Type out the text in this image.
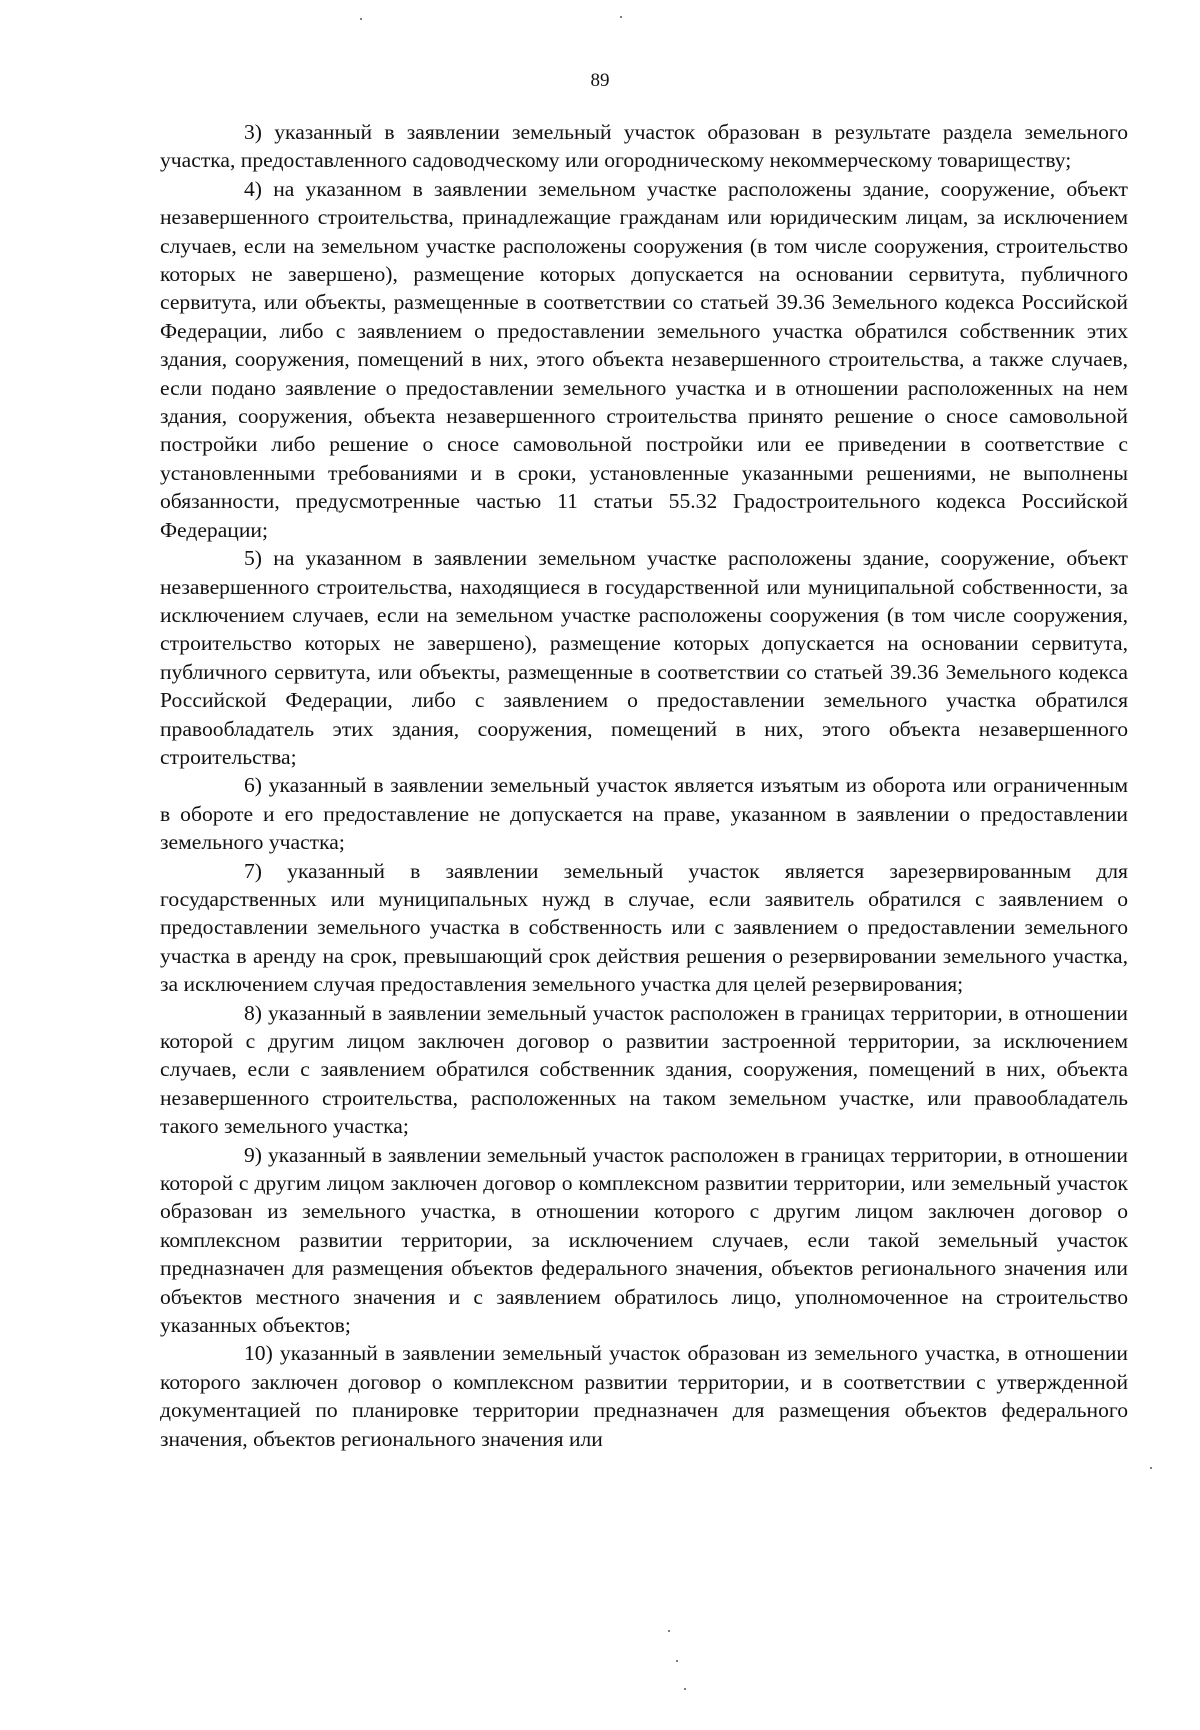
89

3) указанный в заявлении земельный участок образован в результате раздела земельного участка, предоставленного садоводческому или огородническому некоммерческому товариществу;

4) на указанном в заявлении земельном участке расположены здание, сооружение, объект незавершенного строительства, принадлежащие гражданам или юридическим лицам, за исключением случаев, если на земельном участке расположены сооружения (в том числе сооружения, строительство которых не завершено), размещение которых допускается на основании сервитута, публичного сервитута, или объекты, размещенные в соответствии со статьей 39.36 Земельного кодекса Российской Федерации, либо с заявлением о предоставлении земельного участка обратился собственник этих здания, сооружения, помещений в них, этого объекта незавершенного строительства, а также случаев, если подано заявление о предоставлении земельного участка и в отношении расположенных на нем здания, сооружения, объекта незавершенного строительства принято решение о сносе самовольной постройки либо решение о сносе самовольной постройки или ее приведении в соответствие с установленными требованиями и в сроки, установленные указанными решениями, не выполнены обязанности, предусмотренные частью 11 статьи 55.32 Градостроительного кодекса Российской Федерации;

5) на указанном в заявлении земельном участке расположены здание, сооружение, объект незавершенного строительства, находящиеся в государственной или муниципальной собственности, за исключением случаев, если на земельном участке расположены сооружения (в том числе сооружения, строительство которых не завершено), размещение которых допускается на основании сервитута, публичного сервитута, или объекты, размещенные в соответствии со статьей 39.36 Земельного кодекса Российской Федерации, либо с заявлением о предоставлении земельного участка обратился правообладатель этих здания, сооружения, помещений в них, этого объекта незавершенного строительства;

6) указанный в заявлении земельный участок является изъятым из оборота или ограниченным в обороте и его предоставление не допускается на праве, указанном в заявлении о предоставлении земельного участка;

7) указанный в заявлении земельный участок является зарезервированным для государственных или муниципальных нужд в случае, если заявитель обратился с заявлением о предоставлении земельного участка в собственность или с заявлением о предоставлении земельного участка в аренду на срок, превышающий срок действия решения о резервировании земельного участка, за исключением случая предоставления земельного участка для целей резервирования;

8) указанный в заявлении земельный участок расположен в границах территории, в отношении которой с другим лицом заключен договор о развитии застроенной территории, за исключением случаев, если с заявлением обратился собственник здания, сооружения, помещений в них, объекта незавершенного строительства, расположенных на таком земельном участке, или правообладатель такого земельного участка;

9) указанный в заявлении земельный участок расположен в границах территории, в отношении которой с другим лицом заключен договор о комплексном развитии территории, или земельный участок образован из земельного участка, в отношении которого с другим лицом заключен договор о комплексном развитии территории, за исключением случаев, если такой земельный участок предназначен для размещения объектов федерального значения, объектов регионального значения или объектов местного значения и с заявлением обратилось лицо, уполномоченное на строительство указанных объектов;

10) указанный в заявлении земельный участок образован из земельного участка, в отношении которого заключен договор о комплексном развитии территории, и в соответствии с утвержденной документацией по планировке территории предназначен для размещения объектов федерального значения, объектов регионального значения или
